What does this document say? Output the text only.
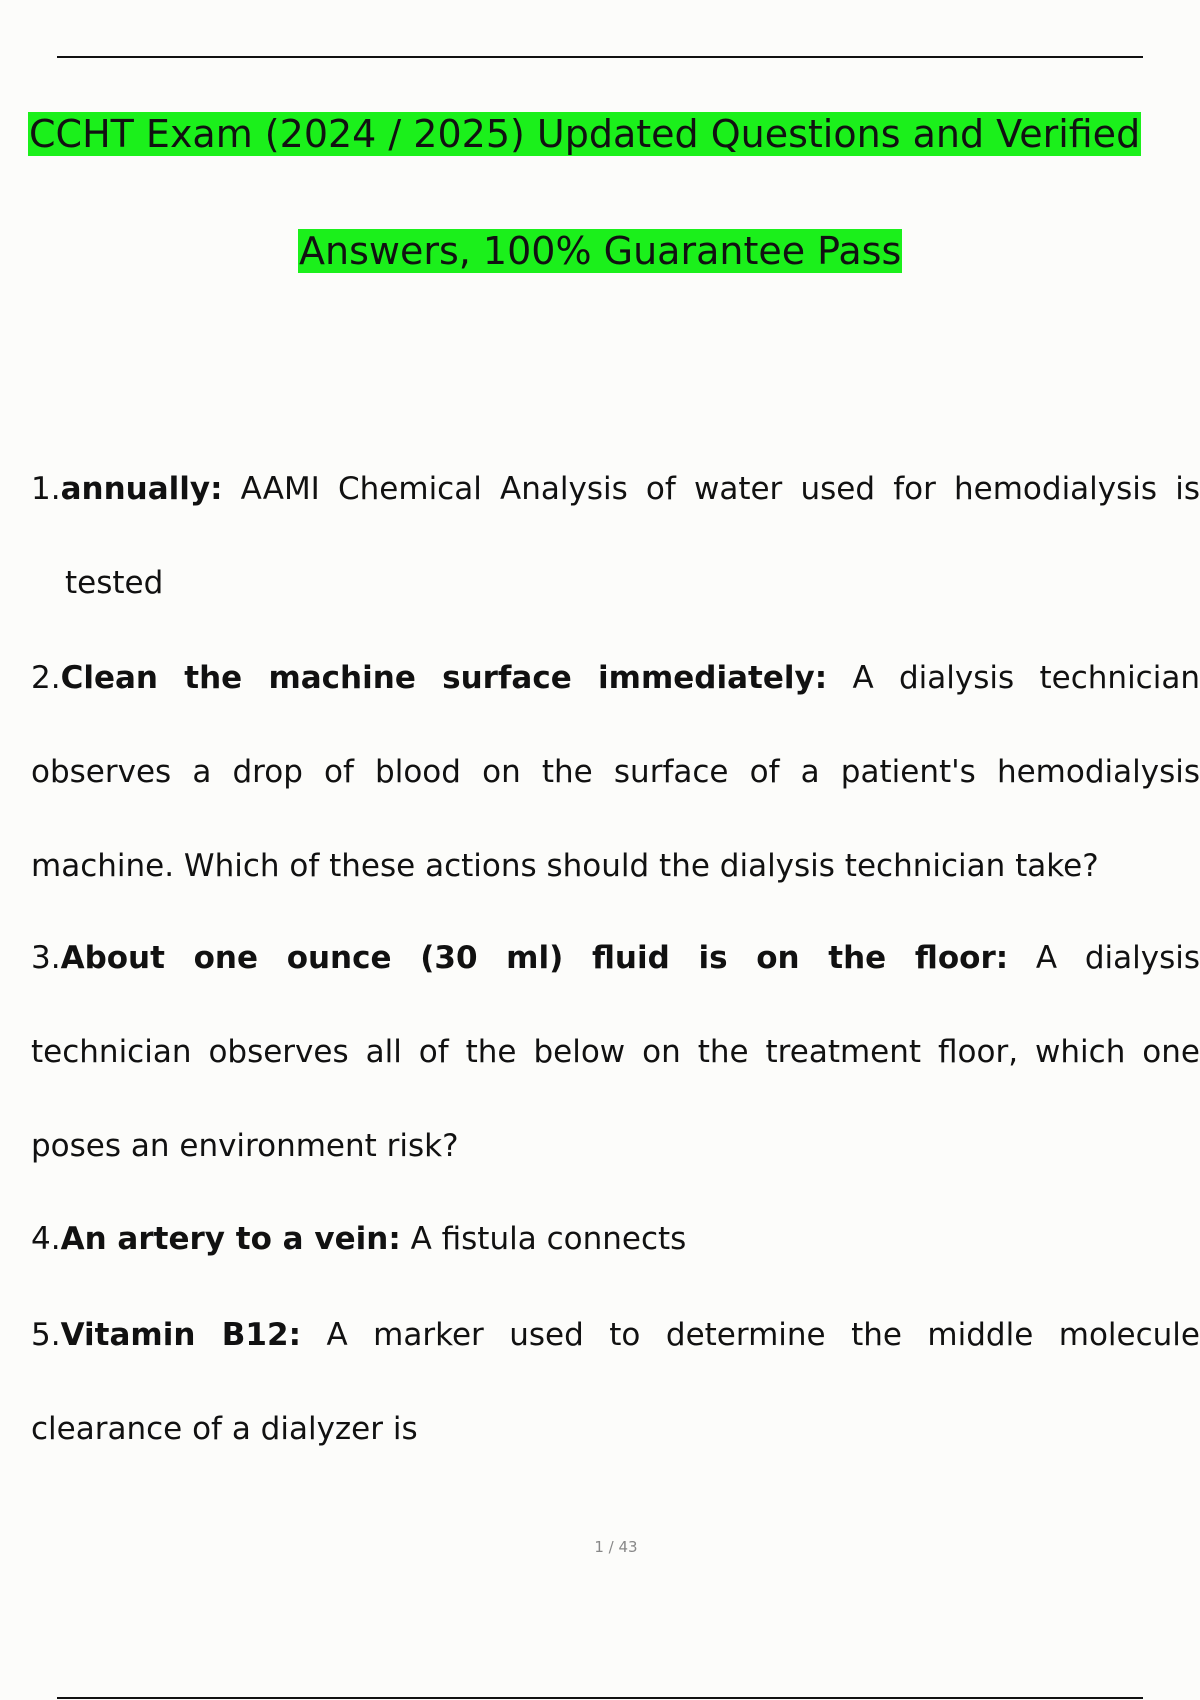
CCHT Exam (2024 / 2025) Updated Questions and Verified
Answers, 100% Guarantee Pass
1.annually: AAMI Chemical Analysis of water used for hemodialysis is
tested
2.Clean the machine surface immediately: A dialysis technician
observes a drop of blood on the surface of a patient's hemodialysis
machine. Which of these actions should the dialysis technician take?
3.About one ounce (30 ml) fluid is on the floor: A dialysis
technician observes all of the below on the treatment floor, which one
poses an environment risk?
4.An artery to a vein: A fistula connects
5.Vitamin B12: A marker used to determine the middle molecule
clearance of a dialyzer is
1 / 43
